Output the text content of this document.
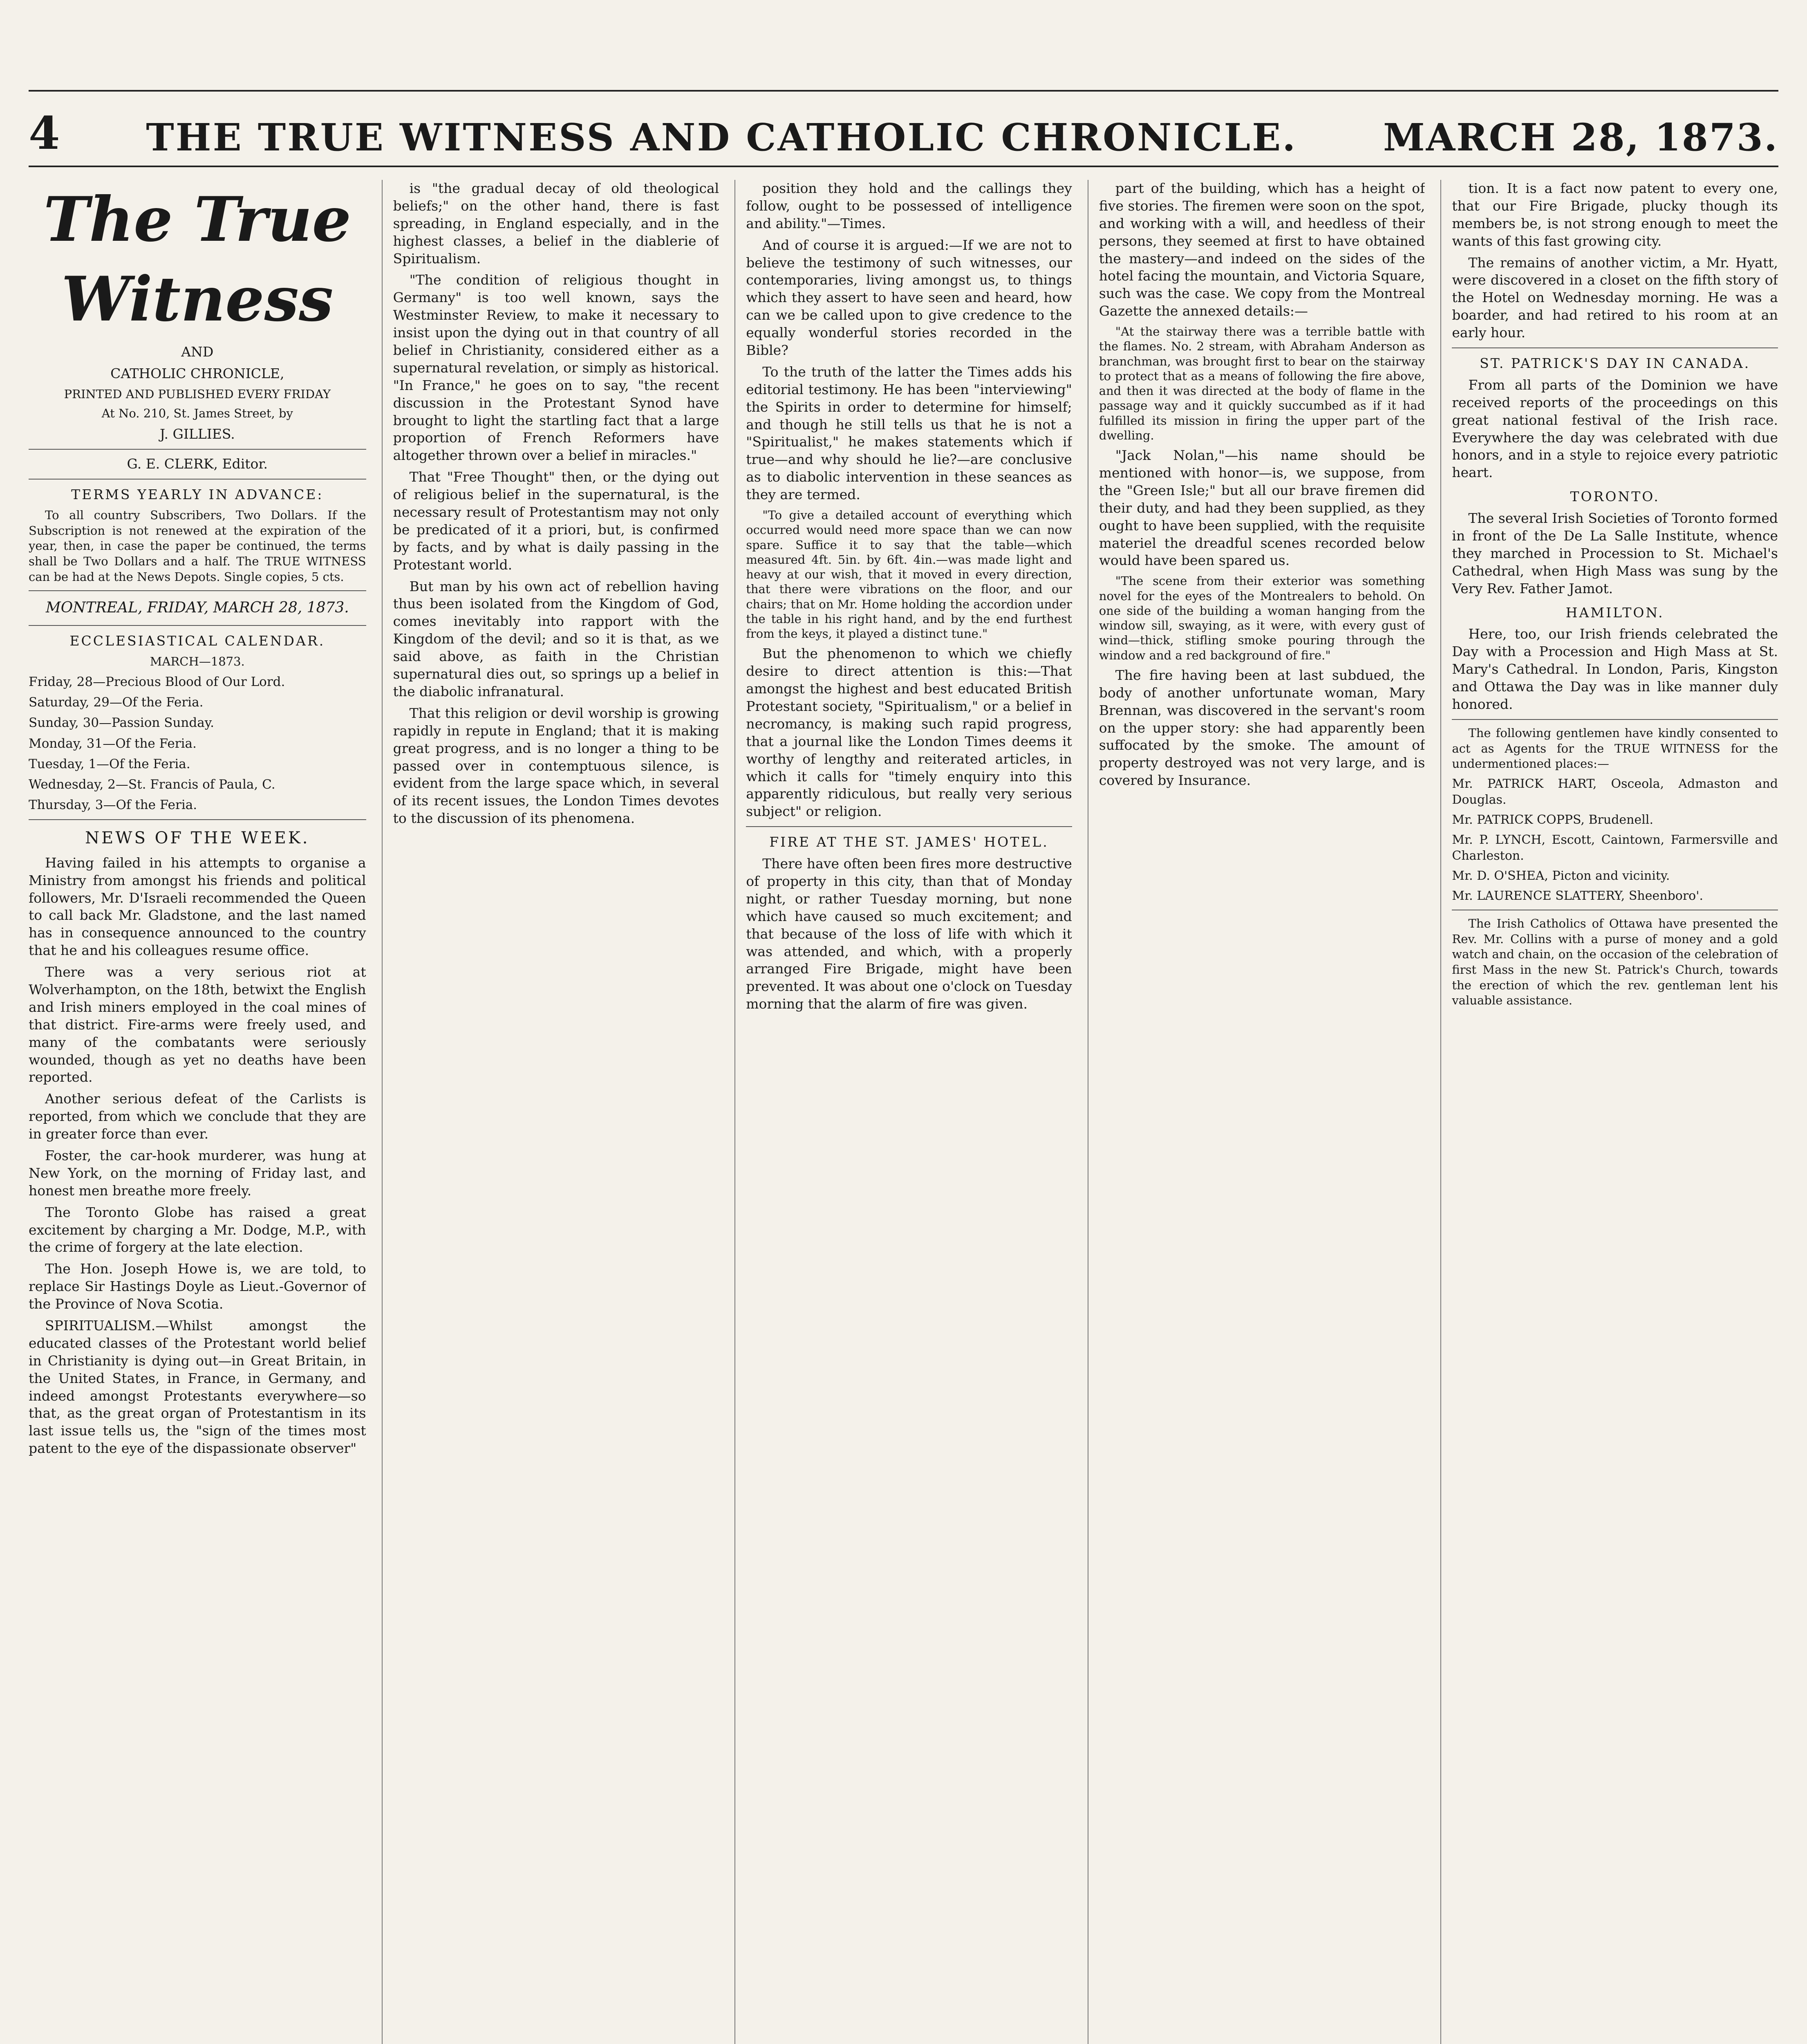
4 THE TRUE WITNESS AND CATHOLIC CHRONICLE. MARCH 28, 1873.
The True Witness

AND

CATHOLIC CHRONICLE,

PRINTED AND PUBLISHED EVERY FRIDAY

At No. 210, St. James Street, by

J. GILLIES.

G. E. CLERK, Editor.

TERMS YEARLY IN ADVANCE:

To all country Subscribers, Two Dollars. If the Subscription is not renewed at the expiration of the year, then, in case the paper be continued, the terms shall be Two Dollars and a half. The TRUE WITNESS can be had at the News Depots. Single copies, 5 cts.

MONTREAL, FRIDAY, MARCH 28, 1873.
ECCLESIASTICAL CALENDAR.

MARCH—1873.

Friday, 28—Precious Blood of Our Lord.

Saturday, 29—Of the Feria.

Sunday, 30—Passion Sunday.

Monday, 31—Of the Feria.

Tuesday, 1—Of the Feria.

Wednesday, 2—St. Francis of Paula, C.

Thursday, 3—Of the Feria.

NEWS OF THE WEEK.

Having failed in his attempts to organise a Ministry from amongst his friends and political followers, Mr. D'Israeli recommended the Queen to call back Mr. Gladstone, and the last named has in consequence announced to the country that he and his colleagues resume office.

There was a very serious riot at Wolverhampton, on the 18th, betwixt the English and Irish miners employed in the coal mines of that district. Fire-arms were freely used, and many of the combatants were seriously wounded, though as yet no deaths have been reported.

Another serious defeat of the Carlists is reported, from which we conclude that they are in greater force than ever.

Foster, the car-hook murderer, was hung at New York, on the morning of Friday last, and honest men breathe more freely.

The Toronto Globe has raised a great excitement by charging a Mr. Dodge, M.P., with the crime of forgery at the late election.

The Hon. Joseph Howe is, we are told, to replace Sir Hastings Doyle as Lieut.-Governor of the Province of Nova Scotia.

SPIRITUALISM.—Whilst amongst the educated classes of the Protestant world belief in Christianity is dying out—in Great Britain, in the United States, in France, in Germany, and indeed amongst Protestants everywhere—so that, as the great organ of Protestantism in its last issue tells us, the "sign of the times most patent to the eye of the dispassionate observer"

is "the gradual decay of old theological beliefs;" on the other hand, there is fast spreading, in England especially, and in the highest classes, a belief in the diablerie of Spiritualism.

"The condition of religious thought in Germany" is too well known, says the Westminster Review, to make it necessary to insist upon the dying out in that country of all belief in Christianity, considered either as a supernatural revelation, or simply as historical. "In France," he goes on to say, "the recent discussion in the Protestant Synod have brought to light the startling fact that a large proportion of French Reformers have altogether thrown over a belief in miracles."

That "Free Thought" then, or the dying out of religious belief in the supernatural, is the necessary result of Protestantism may not only be predicated of it a priori, but, is confirmed by facts, and by what is daily passing in the Protestant world.

But man by his own act of rebellion having thus been isolated from the Kingdom of God, comes inevitably into rapport with the Kingdom of the devil; and so it is that, as we said above, as faith in the Christian supernatural dies out, so springs up a belief in the diabolic infranatural.

That this religion or devil worship is growing rapidly in repute in England; that it is making great progress, and is no longer a thing to be passed over in contemptuous silence, is evident from the large space which, in several of its recent issues, the London Times devotes to the discussion of its phenomena.

position they hold and the callings they follow, ought to be possessed of intelligence and ability."—Times.

And of course it is argued:—If we are not to believe the testimony of such witnesses, our contemporaries, living amongst us, to things which they assert to have seen and heard, how can we be called upon to give credence to the equally wonderful stories recorded in the Bible?

To the truth of the latter the Times adds his editorial testimony. He has been "interviewing" the Spirits in order to determine for himself; and though he still tells us that he is not a "Spiritualist," he makes statements which if true—and why should he lie?—are conclusive as to diabolic intervention in these seances as they are termed.

"To give a detailed account of everything which occurred would need more space than we can now spare. Suffice it to say that the table—which measured 4ft. 5in. by 6ft. 4in.—was made light and heavy at our wish, that it moved in every direction, that there were vibrations on the floor, and our chairs; that on Mr. Home holding the accordion under the table in his right hand, and by the end furthest from the keys, it played a distinct tune."

But the phenomenon to which we chiefly desire to direct attention is this:—That amongst the highest and best educated British Protestant society, "Spiritualism," or a belief in necromancy, is making such rapid progress, that a journal like the London Times deems it worthy of lengthy and reiterated articles, in which it calls for "timely enquiry into this apparently ridiculous, but really very serious subject" or religion.

FIRE AT THE ST. JAMES' HOTEL.

There have often been fires more destructive of property in this city, than that of Monday night, or rather Tuesday morning, but none which have caused so much excitement; and that because of the loss of life with which it was attended, and which, with a properly arranged Fire Brigade, might have been prevented. It was about one o'clock on Tuesday morning that the alarm of fire was given.

part of the building, which has a height of five stories. The firemen were soon on the spot, and working with a will, and heedless of their persons, they seemed at first to have obtained the mastery—and indeed on the sides of the hotel facing the mountain, and Victoria Square, such was the case. We copy from the Montreal Gazette the annexed details:—

"At the stairway there was a terrible battle with the flames. No. 2 stream, with Abraham Anderson as branchman, was brought first to bear on the stairway to protect that as a means of following the fire above, and then it was directed at the body of flame in the passage way and it quickly succumbed as if it had fulfilled its mission in firing the upper part of the dwelling.

"Jack Nolan,"—his name should be mentioned with honor—is, we suppose, from the "Green Isle;" but all our brave firemen did their duty, and had they been supplied, as they ought to have been supplied, with the requisite materiel the dreadful scenes recorded below would have been spared us.

"The scene from their exterior was something novel for the eyes of the Montrealers to behold. On one side of the building a woman hanging from the window sill, swaying, as it were, with every gust of wind—thick, stifling smoke pouring through the window and a red background of fire."

The fire having been at last subdued, the body of another unfortunate woman, Mary Brennan, was discovered in the servant's room on the upper story: she had apparently been suffocated by the smoke. The amount of property destroyed was not very large, and is covered by Insurance.

tion. It is a fact now patent to every one, that our Fire Brigade, plucky though its members be, is not strong enough to meet the wants of this fast growing city.

The remains of another victim, a Mr. Hyatt, were discovered in a closet on the fifth story of the Hotel on Wednesday morning. He was a boarder, and had retired to his room at an early hour.

ST. PATRICK'S DAY IN CANADA.

From all parts of the Dominion we have received reports of the proceedings on this great national festival of the Irish race. Everywhere the day was celebrated with due honors, and in a style to rejoice every patriotic heart.

TORONTO.

The several Irish Societies of Toronto formed in front of the De La Salle Institute, whence they marched in Procession to St. Michael's Cathedral, when High Mass was sung by the Very Rev. Father Jamot.

HAMILTON.

Here, too, our Irish friends celebrated the Day with a Procession and High Mass at St. Mary's Cathedral. In London, Paris, Kingston and Ottawa the Day was in like manner duly honored.

The following gentlemen have kindly consented to act as Agents for the TRUE WITNESS for the undermentioned places:—

Mr. PATRICK HART, Osceola, Admaston and Douglas.

Mr. PATRICK COPPS, Brudenell.

Mr. P. LYNCH, Escott, Caintown, Farmersville and Charleston.

Mr. D. O'SHEA, Picton and vicinity.

Mr. LAURENCE SLATTERY, Sheenboro'.

The Irish Catholics of Ottawa have presented the Rev. Mr. Collins with a purse of money and a gold watch and chain, on the occasion of the celebration of first Mass in the new St. Patrick's Church, towards the erection of which the rev. gentleman lent his valuable assistance.
